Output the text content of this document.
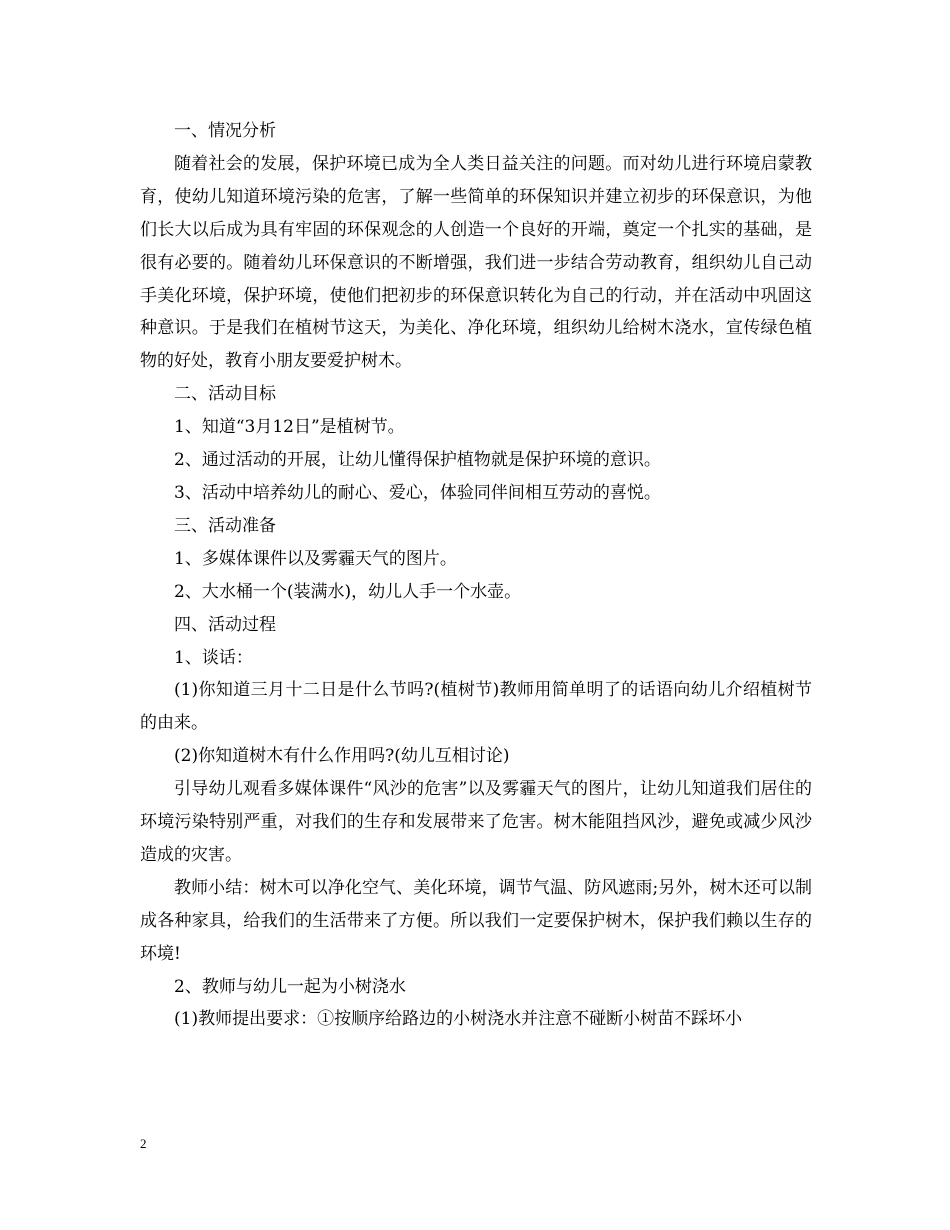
一、情况分析

随着社会的发展，保护环境已成为全人类日益关注的问题。而对幼儿进行环境启蒙教育，使幼儿知道环境污染的危害，了解一些简单的环保知识并建立初步的环保意识，为他们长大以后成为具有牢固的环保观念的人创造一个良好的开端，奠定一个扎实的基础，是很有必要的。随着幼儿环保意识的不断增强，我们进一步结合劳动教育，组织幼儿自己动手美化环境，保护环境，使他们把初步的环保意识转化为自己的行动，并在活动中巩固这种意识。于是我们在植树节这天，为美化、净化环境，组织幼儿给树木浇水，宣传绿色植物的好处，教育小朋友要爱护树木。

二、活动目标

1、知道“3月12日”是植树节。

2、通过活动的开展，让幼儿懂得保护植物就是保护环境的意识。

3、活动中培养幼儿的耐心、爱心，体验同伴间相互劳动的喜悦。

三、活动准备

1、多媒体课件以及雾霾天气的图片。

2、大水桶一个(装满水)，幼儿人手一个水壶。

四、活动过程

1、谈话：

(1)你知道三月十二日是什么节吗?(植树节)教师用简单明了的话语向幼儿介绍植树节的由来。

(2)你知道树木有什么作用吗?(幼儿互相讨论)

引导幼儿观看多媒体课件“风沙的危害”以及雾霾天气的图片，让幼儿知道我们居住的环境污染特别严重，对我们的生存和发展带来了危害。树木能阻挡风沙，避免或减少风沙造成的灾害。

教师小结：树木可以净化空气、美化环境，调节气温、防风遮雨;另外，树木还可以制成各种家具，给我们的生活带来了方便。所以我们一定要保护树木，保护我们赖以生存的环境!

2、教师与幼儿一起为小树浇水

(1)教师提出要求：①按顺序给路边的小树浇水并注意不碰断小树苗不踩坏小

2
